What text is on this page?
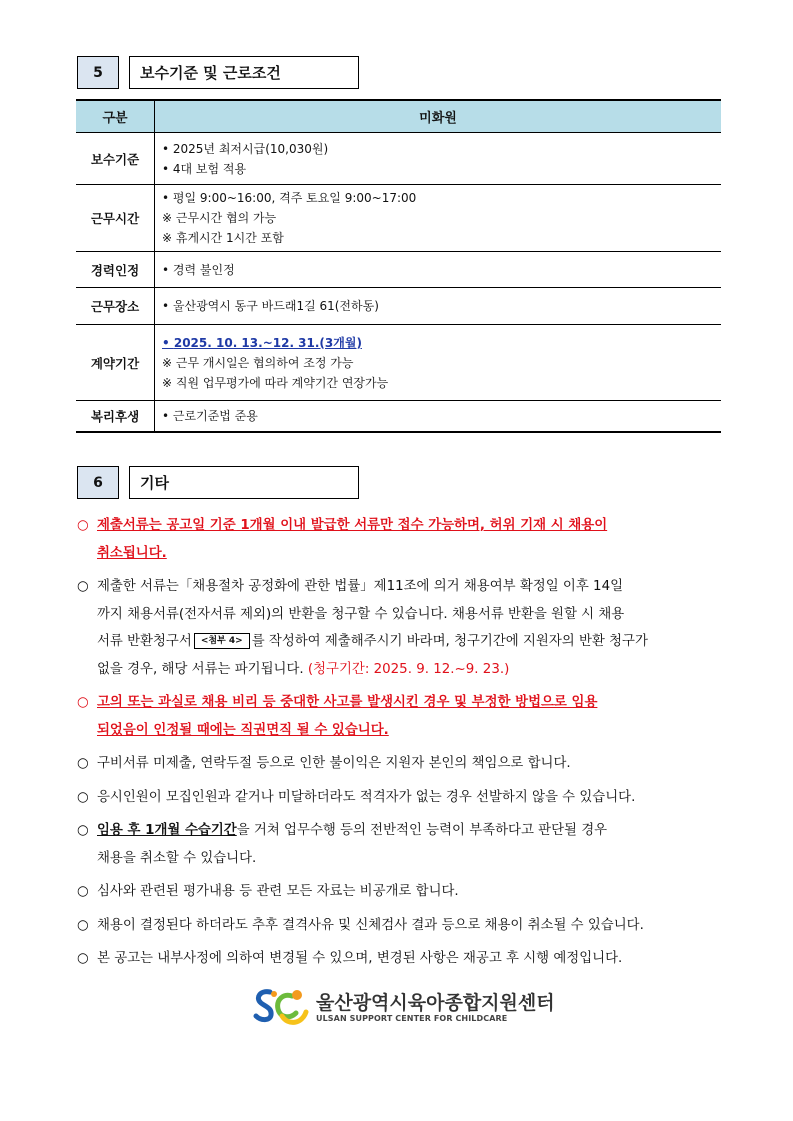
5	보수기준 및 근로조건
구분	미화원
보수기준	• 2025년 최저시급(10,030원)
• 4대 보험 적용

근무시간	• 평일 9:00~16:00, 격주 토요일 9:00~17:00
※ 근무시간 협의 가능
※ 휴게시간 1시간 포함

경력인정	• 경력 불인정

근무장소	• 울산광역시 동구 바드래1길 61(전하동)

계약기간	• 2025. 10. 13.~12. 31.(3개월)
※ 근무 개시일은 협의하여 조정 가능
※ 직원 업무평가에 따라 계약기간 연장가능

복리후생	• 근로기준법 준용
6	기타
○ 제출서류는 공고일 기준 1개월 이내 발급한 서류만 접수 가능하며, 허위 기재 시 채용이
취소됩니다.
○ 제출한 서류는「채용절차 공정화에 관한 법률」제11조에 의거 채용여부 확정일 이후 14일
까지 채용서류(전자서류 제외)의 반환을 청구할 수 있습니다. 채용서류 반환을 원할 시 채용
서류 반환청구서 <첨부 4> 를 작성하여 제출해주시기 바라며, 청구기간에 지원자의 반환 청구가
없을 경우, 해당 서류는 파기됩니다. (청구기간: 2025. 9. 12.~9. 23.)
○ 고의 또는 과실로 채용 비리 등 중대한 사고를 발생시킨 경우 및 부정한 방법으로 임용
되었음이 인정될 때에는 직권면직 될 수 있습니다.
○ 구비서류 미제출, 연락두절 등으로 인한 불이익은 지원자 본인의 책임으로 합니다.
○ 응시인원이 모집인원과 같거나 미달하더라도 적격자가 없는 경우 선발하지 않을 수 있습니다.
○ 임용 후 1개월 수습기간을 거쳐 업무수행 등의 전반적인 능력이 부족하다고 판단될 경우
채용을 취소할 수 있습니다.
○ 심사와 관련된 평가내용 등 관련 모든 자료는 비공개로 합니다.
○ 채용이 결정된다 하더라도 추후 결격사유 및 신체검사 결과 등으로 채용이 취소될 수 있습니다.
○ 본 공고는 내부사정에 의하여 변경될 수 있으며, 변경된 사항은 재공고 후 시행 예정입니다.
울산광역시육아종합지원센터
ULSAN SUPPORT CENTER FOR CHILDCARE
